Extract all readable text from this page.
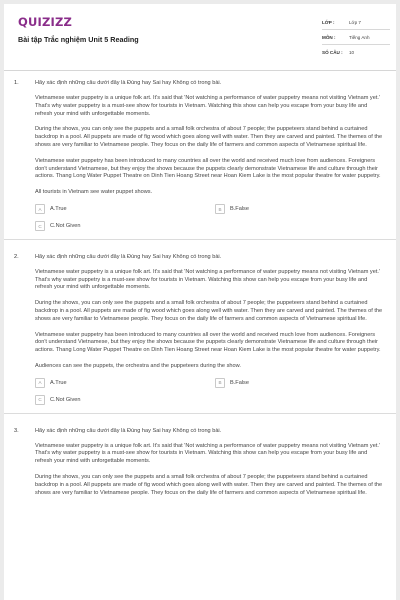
QUIZIZZ
Bài tập Trắc nghiệm Unit 5 Reading
LỚP :	Lớp 7
MÔN :	Tiếng Anh
SỐ CÂU :	10
1.	Hãy xác định những câu dưới đây là Đúng hay Sai hay Không có trong bài.

Vietnamese water puppetry is a unique folk art. It's said that 'Not watching a performance of water puppetry means not visiting Vietnam yet.' That's why water puppetry is a must-see show for tourists in Vietnam. Watching this show can help you escape from your busy life and refresh your mind with unforgettable moments.

During the shows, you can only see the puppets and a small folk orchestra of about 7 people; the puppeteers stand behind a curtained backdrop in a pool. All puppets are made of fig wood which goes along well with water. Then they are carved and painted. The themes of the shows are very familiar to Vietnamese people. They focus on the daily life of farmers and common aspects of Vietnamese spiritual life.

Vietnamese water puppetry has been introduced to many countries all over the world and received much love from audiences. Foreigners don't understand Vietnamese, but they enjoy the shows because the puppets clearly demonstrate Vietnamese life and culture through their actions. Thang Long Water Puppet Theatre on Dinh Tien Hoang Street near Hoan Kiem Lake is the most popular theatre for water puppetry.

All tourists in Vietnam see water puppet shows.
A	A.True	B	B.False
C	C.Not Given
2.	Hãy xác định những câu dưới đây là Đúng hay Sai hay Không có trong bài.

Vietnamese water puppetry is a unique folk art. It's said that 'Not watching a performance of water puppetry means not visiting Vietnam yet.' That's why water puppetry is a must-see show for tourists in Vietnam. Watching this show can help you escape from your busy life and refresh your mind with unforgettable moments.

During the shows, you can only see the puppets and a small folk orchestra of about 7 people; the puppeteers stand behind a curtained backdrop in a pool. All puppets are made of fig wood which goes along well with water. Then they are carved and painted. The themes of the shows are very familiar to Vietnamese people. They focus on the daily life of farmers and common aspects of Vietnamese spiritual life.

Vietnamese water puppetry has been introduced to many countries all over the world and received much love from audiences. Foreigners don't understand Vietnamese, but they enjoy the shows because the puppets clearly demonstrate Vietnamese life and culture through their actions. Thang Long Water Puppet Theatre on Dinh Tien Hoang Street near Hoan Kiem Lake is the most popular theatre for water puppetry.

Audiences can see the puppets, the orchestra and the puppeteers during the show.
A	A.True	B	B.False
C	C.Not Given
3.	Hãy xác định những câu dưới đây là Đúng hay Sai hay Không có trong bài.

Vietnamese water puppetry is a unique folk art. It's said that 'Not watching a performance of water puppetry means not visiting Vietnam yet.' That's why water puppetry is a must-see show for tourists in Vietnam. Watching this show can help you escape from your busy life and refresh your mind with unforgettable moments.

During the shows, you can only see the puppets and a small folk orchestra of about 7 people; the puppeteers stand behind a curtained backdrop in a pool. All puppets are made of fig wood which goes along well with water. Then they are carved and painted. The themes of the shows are very familiar to Vietnamese people. They focus on the daily life of farmers and common aspects of Vietnamese spiritual life.
